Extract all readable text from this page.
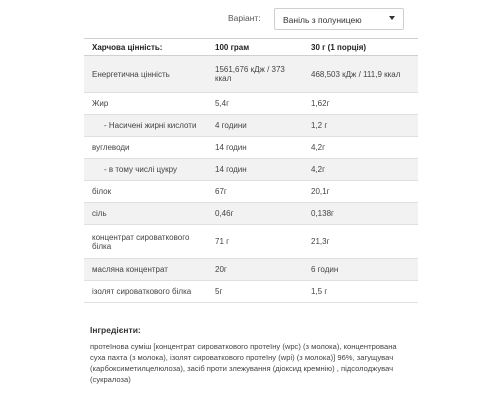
Варіант:	Ваніль з полуницею
Харчова цінність:	100 грам	30 г (1 порція)
Енергетична цінність	1561,676 кДж / 373 ккал	468,503 кДж / 111,9 ккал
Жир	5,4г	1,62г
- Насичені жирні кислоти	4 години	1,2 г
вуглеводи	14 годин	4,2г
- в тому числі цукру	14 годин	4,2г
білок	67г	20,1г
сіль	0,46г	0,138г
концентрат сироваткового білка	71 г	21,3г
масляна концентрат	20г	6 годин
ізолят сироваткового білка	5г	1,5 г
Інгредієнти:
протеїнова суміш [концентрат сироваткового протеїну (wpc) (з молока), концентрована суха пахта (з молока), ізолят сироваткового протеїну (wpi) (з молока)] 96%, загущувач (карбоксиметилцелюлоза), засіб проти злежування (діоксид кремнію) , підсолоджувач (сукралоза)
